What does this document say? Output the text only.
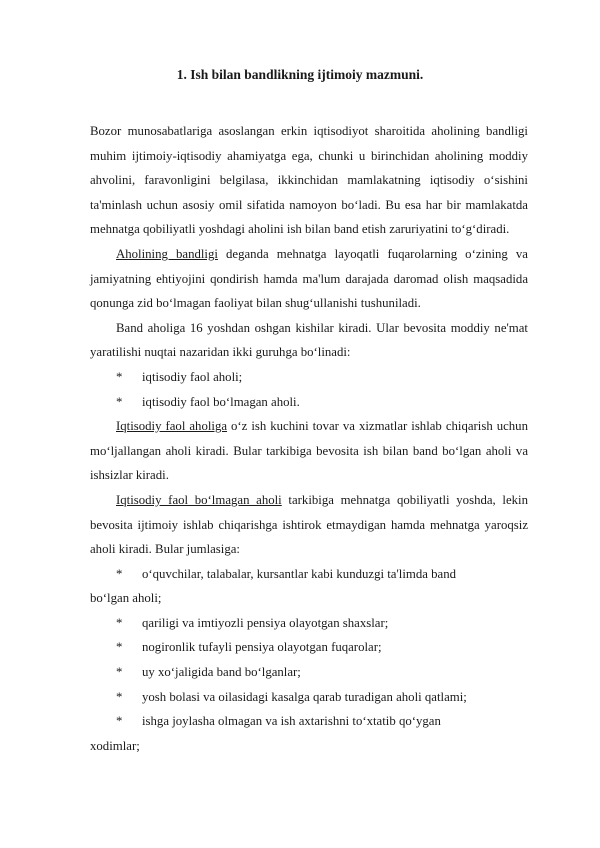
1. Ish bilan bandlikning ijtimoiy mazmuni.

Bozor munosabatlariga asoslangan erkin iqtisodiyot sharoitida aholining bandligi muhim ijtimoiy-iqtisodiy ahamiyatga ega, chunki u birinchidan aholining moddiy ahvolini, faravonligini belgilasa, ikkinchidan mamlakatning iqtisodiy o‘sishini ta'minlash uchun asosiy omil sifatida namoyon bo‘ladi. Bu esa har bir mamlakatda mehnatga qobiliyatli yoshdagi aholini ish bilan band etish zaruriyatini to‘g‘diradi.

Aholining bandligi deganda mehnatga layoqatli fuqarolarning o‘zining va jamiyatning ehtiyojini qondirish hamda ma'lum darajada daromad olish maqsadida qonunga zid bo‘lmagan faoliyat bilan shug‘ullanishi tushuniladi.

Band aholiga 16 yoshdan oshgan kishilar kiradi. Ular bevosita moddiy ne'mat yaratilishi nuqtai nazaridan ikki guruhga bo‘linadi:

*	iqtisodiy faol aholi;
*	iqtisodiy faol bo‘lmagan aholi.

Iqtisodiy faol aholiga o‘z ish kuchini tovar va xizmatlar ishlab chiqarish uchun mo‘ljallangan aholi kiradi. Bular tarkibiga bevosita ish bilan band bo‘lgan aholi va ishsizlar kiradi.

Iqtisodiy faol bo‘lmagan aholi tarkibiga mehnatga qobiliyatli yoshda, lekin bevosita ijtimoiy ishlab chiqarishga ishtirok etmaydigan hamda mehnatga yaroqsiz aholi kiradi. Bular jumlasiga:

*	o‘quvchilar, talabalar, kursantlar kabi kunduzgi ta'limda band
bo‘lgan aholi;
*	qariligi va imtiyozli pensiya olayotgan shaxslar;
*	nogironlik tufayli pensiya olayotgan fuqarolar;
*	uy xo‘jaligida band bo‘lganlar;
*	yosh bolasi va oilasidagi kasalga qarab turadigan aholi qatlami;
*	ishga joylasha olmagan va ish axtarishni to‘xtatib qo‘ygan
xodimlar;
